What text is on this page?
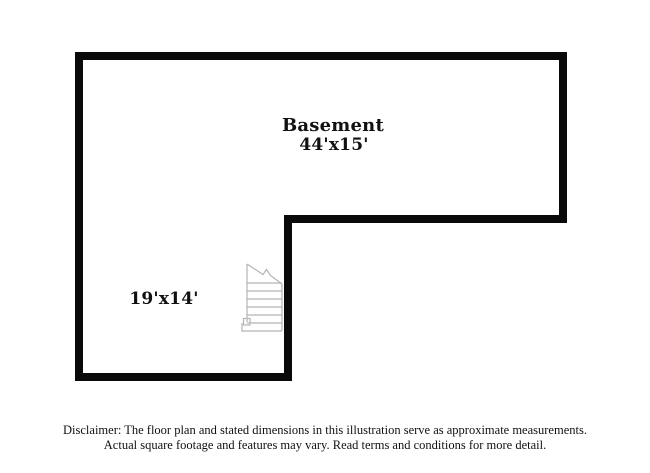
Basement
44'x15'
19'x14'
Disclaimer: The floor plan and stated dimensions in this illustration serve as approximate measurements.
Actual square footage and features may vary. Read terms and conditions for more detail.
